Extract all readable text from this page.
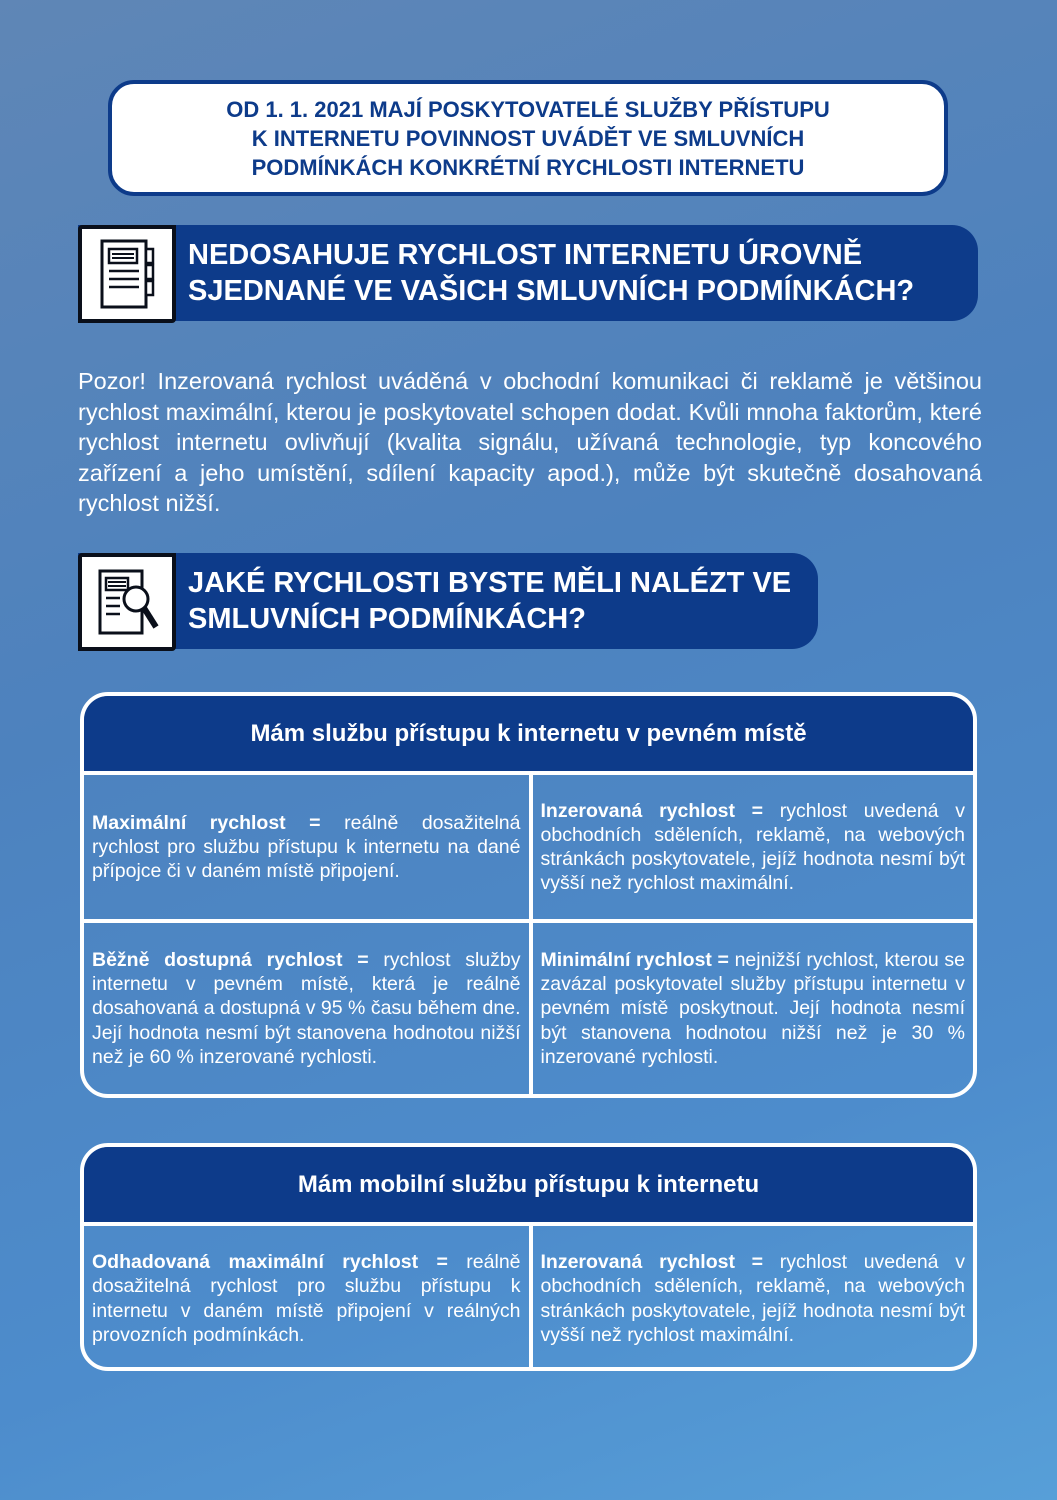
OD 1. 1. 2021 MAJÍ POSKYTOVATELÉ SLUŽBY PŘÍSTUPU
K INTERNETU POVINNOST UVÁDĚT VE SMLUVNÍCH
PODMÍNKÁCH KONKRÉTNÍ RYCHLOSTI INTERNETU
NEDOSAHUJE RYCHLOST INTERNETU ÚROVNĚ
SJEDNANÉ VE VAŠICH SMLUVNÍCH PODMÍNKÁCH?
Pozor! Inzerovaná rychlost uváděná v obchodní komunikaci či reklamě je většinou rychlost maximální, kterou je poskytovatel schopen dodat. Kvůli mnoha faktorům, které rychlost internetu ovlivňují (kvalita signálu, užívaná technologie, typ koncového zařízení a jeho umístění, sdílení kapacity apod.), může být skutečně dosahovaná rychlost nižší.
JAKÉ RYCHLOSTI BYSTE MĚLI NALÉZT VE
SMLUVNÍCH PODMÍNKÁCH?
Mám službu přístupu k internetu v pevném místě

Maximální rychlost = reálně dosažitelná rychlost pro službu přístupu k internetu na dané přípojce či v daném místě připojení.

Inzerovaná rychlost = rychlost uvedená v obchodních sděleních, reklamě, na webových stránkách poskytovatele, jejíž hodnota nesmí být vyšší než rychlost maximální.

Běžně dostupná rychlost = rychlost služby internetu v pevném místě, která je reálně dosahovaná a dostupná v 95 % času během dne. Její hodnota nesmí být stanovena hodnotou nižší než je 60 % inzerované rychlosti.

Minimální rychlost = nejnižší rychlost, kterou se zavázal poskytovatel služby přístupu internetu v pevném místě poskytnout. Její hodnota nesmí být stanovena hodnotou nižší než je 30 % inzerované rychlosti.

Mám mobilní službu přístupu k internetu

Odhadovaná maximální rychlost = reálně dosažitelná rychlost pro službu přístupu k internetu v daném místě připojení v reálných provozních podmínkách.

Inzerovaná rychlost = rychlost uvedená v obchodních sděleních, reklamě, na webových stránkách poskytovatele, jejíž hodnota nesmí být vyšší než rychlost maximální.
